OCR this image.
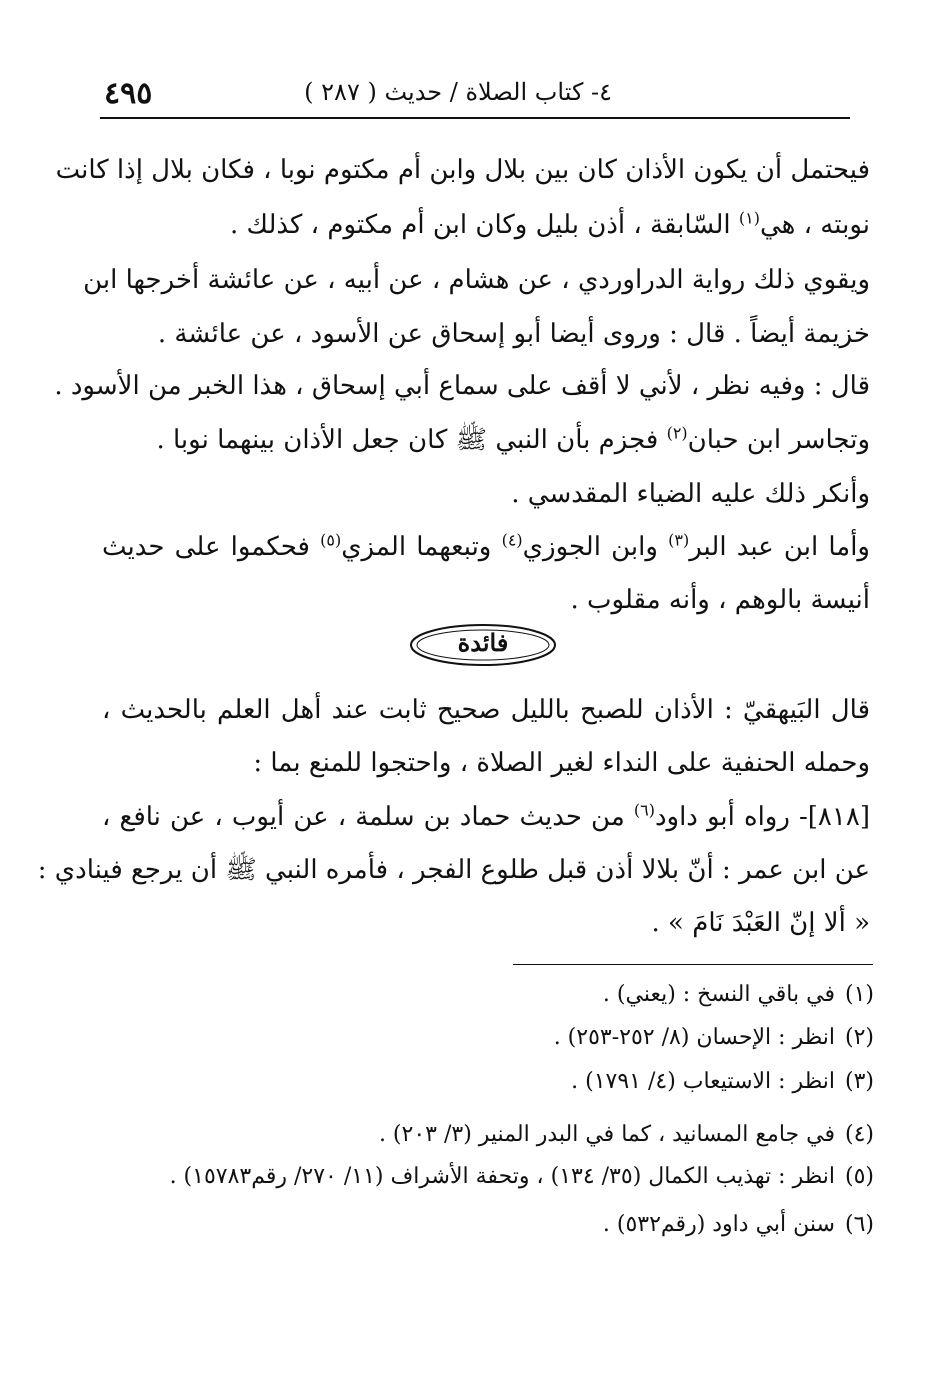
٤٩٥	٤- كتاب الصلاة / حديث ( ٢٨٧ )
فيحتمل أن يكون الأذان كان بين بلال وابن أم مكتوم نوبا ، فكان بلال إذا كانت
نوبته ، هي$^{(١)}$ السّابقة ، أذن بليل وكان ابن أم مكتوم ، كذلك .
ويقوي ذلك رواية الدراوردي ، عن هشام ، عن أبيه ، عن عائشة أخرجها ابن
خزيمة أيضاً . قال : وروى أيضا أبو إسحاق عن الأسود ، عن عائشة .
قال : وفيه نظر ، لأني لا أقف على سماع أبي إسحاق ، هذا الخبر من الأسود .
وتجاسر ابن حبان$^{(٢)}$ فجزم بأن النبي ﷺ كان جعل الأذان بينهما نوبا .
وأنكر ذلك عليه الضياء المقدسي .
وأما ابن عبد البر$^{(٣)}$ وابن الجوزي$^{(٤)}$ وتبعهما المزي$^{(٥)}$ فحكموا على حديث
أنيسة بالوهم ، وأنه مقلوب .
فائدة
قال البَيهقيّ : الأذان للصبح بالليل صحيح ثابت عند أهل العلم بالحديث ،
وحمله الحنفية على النداء لغير الصلاة ، واحتجوا للمنع بما :
[٨١٨]- رواه أبو داود$^{(٦)}$ من حديث حماد بن سلمة ، عن أيوب ، عن نافع ،
عن ابن عمر : أنّ بلالا أذن قبل طلوع الفجر ، فأمره النبي ﷺ أن يرجع فينادي :
« ألا إنّ العَبْدَ نَامَ » .
(١)في باقي النسخ : (يعني) .
(٢)انظر : الإحسان (٨/ ٢٥٢-٢٥٣) .
(٣)انظر : الاستيعاب (٤/ ١٧٩١) .
(٤)في جامع المسانيد ، كما في البدر المنير (٣/ ٢٠٣) .
(٥)انظر : تهذيب الكمال (٣٥/ ١٣٤) ، وتحفة الأشراف (١١/ ٢٧٠/ رقم١٥٧٨٣) .
(٦)سنن أبي داود (رقم٥٣٢) .
